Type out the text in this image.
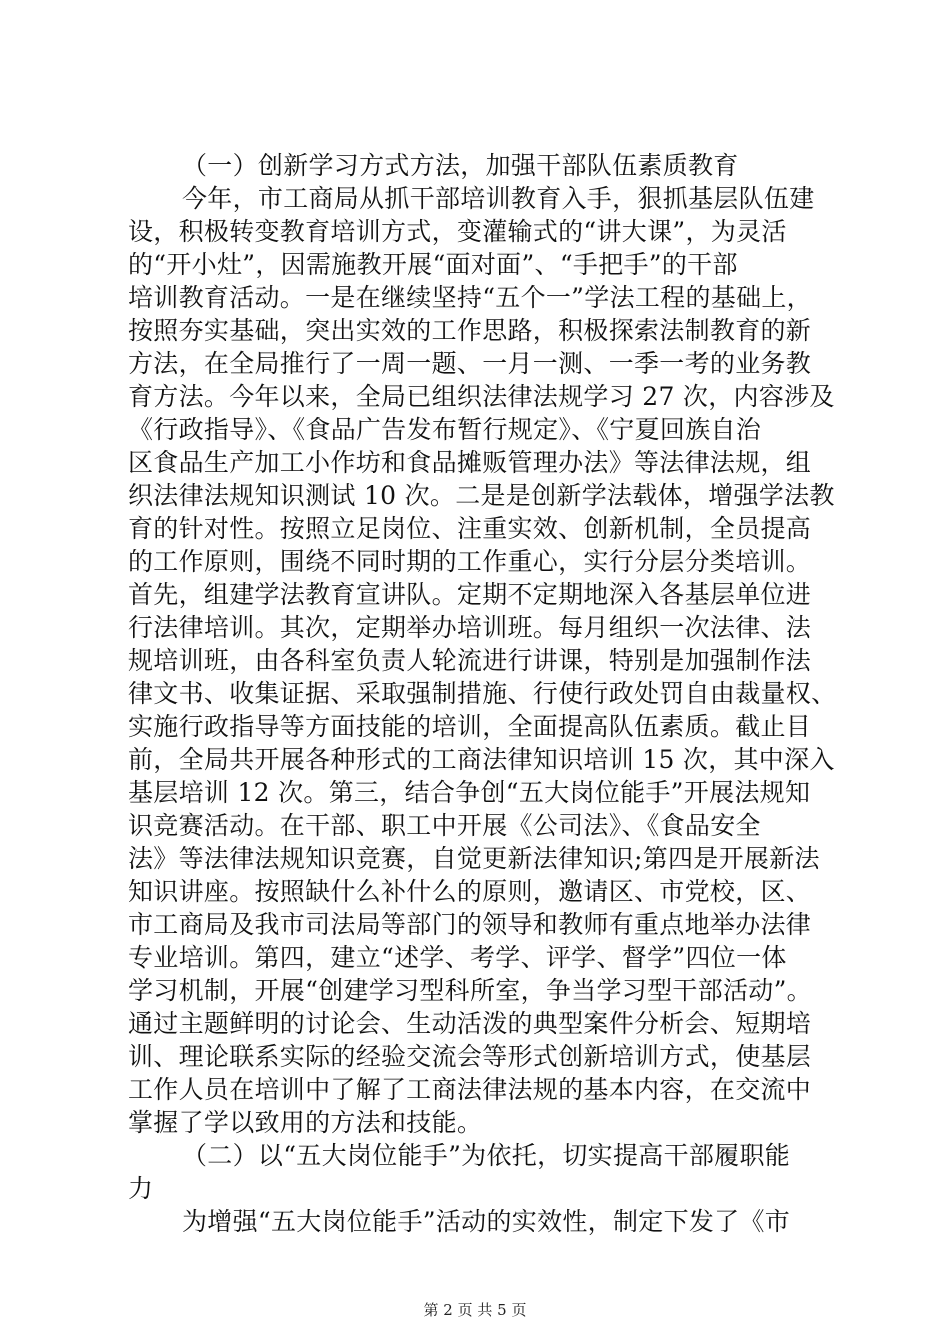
（一）创新学习方式方法，加强干部队伍素质教育
今年，市工商局从抓干部培训教育入手，狠抓基层队伍建
设，积极转变教育培训方式，变灌输式的“讲大课”，为灵活
的“开小灶”，因需施教开展“面对面”、“手把手”的干部
培训教育活动。一是在继续坚持“五个一”学法工程的基础上，
按照夯实基础，突出实效的工作思路，积极探索法制教育的新
方法，在全局推行了一周一题、一月一测、一季一考的业务教
育方法。今年以来，全局已组织法律法规学习 27 次，内容涉及
《行政指导》、《食品广告发布暂行规定》、《宁夏回族自治
区食品生产加工小作坊和食品摊贩管理办法》等法律法规，组
织法律法规知识测试 10 次。二是是创新学法载体，增强学法教
育的针对性。按照立足岗位、注重实效、创新机制，全员提高
的工作原则，围绕不同时期的工作重心，实行分层分类培训。
首先，组建学法教育宣讲队。定期不定期地深入各基层单位进
行法律培训。其次，定期举办培训班。每月组织一次法律、法
规培训班，由各科室负责人轮流进行讲课，特别是加强制作法
律文书、收集证据、采取强制措施、行使行政处罚自由裁量权、
实施行政指导等方面技能的培训，全面提高队伍素质。截止目
前，全局共开展各种形式的工商法律知识培训 15 次，其中深入
基层培训 12 次。第三，结合争创“五大岗位能手”开展法规知
识竞赛活动。在干部、职工中开展《公司法》、《食品安全
法》等法律法规知识竞赛，自觉更新法律知识;第四是开展新法
知识讲座。按照缺什么补什么的原则，邀请区、市党校，区、
市工商局及我市司法局等部门的领导和教师有重点地举办法律
专业培训。第四，建立“述学、考学、评学、督学”四位一体
学习机制，开展“创建学习型科所室，争当学习型干部活动”。
通过主题鲜明的讨论会、生动活泼的典型案件分析会、短期培
训、理论联系实际的经验交流会等形式创新培训方式，使基层
工作人员在培训中了解了工商法律法规的基本内容，在交流中
掌握了学以致用的方法和技能。
（二）以“五大岗位能手”为依托，切实提高干部履职能
力
为增强“五大岗位能手”活动的实效性，制定下发了《市
第 2 页 共 5 页
